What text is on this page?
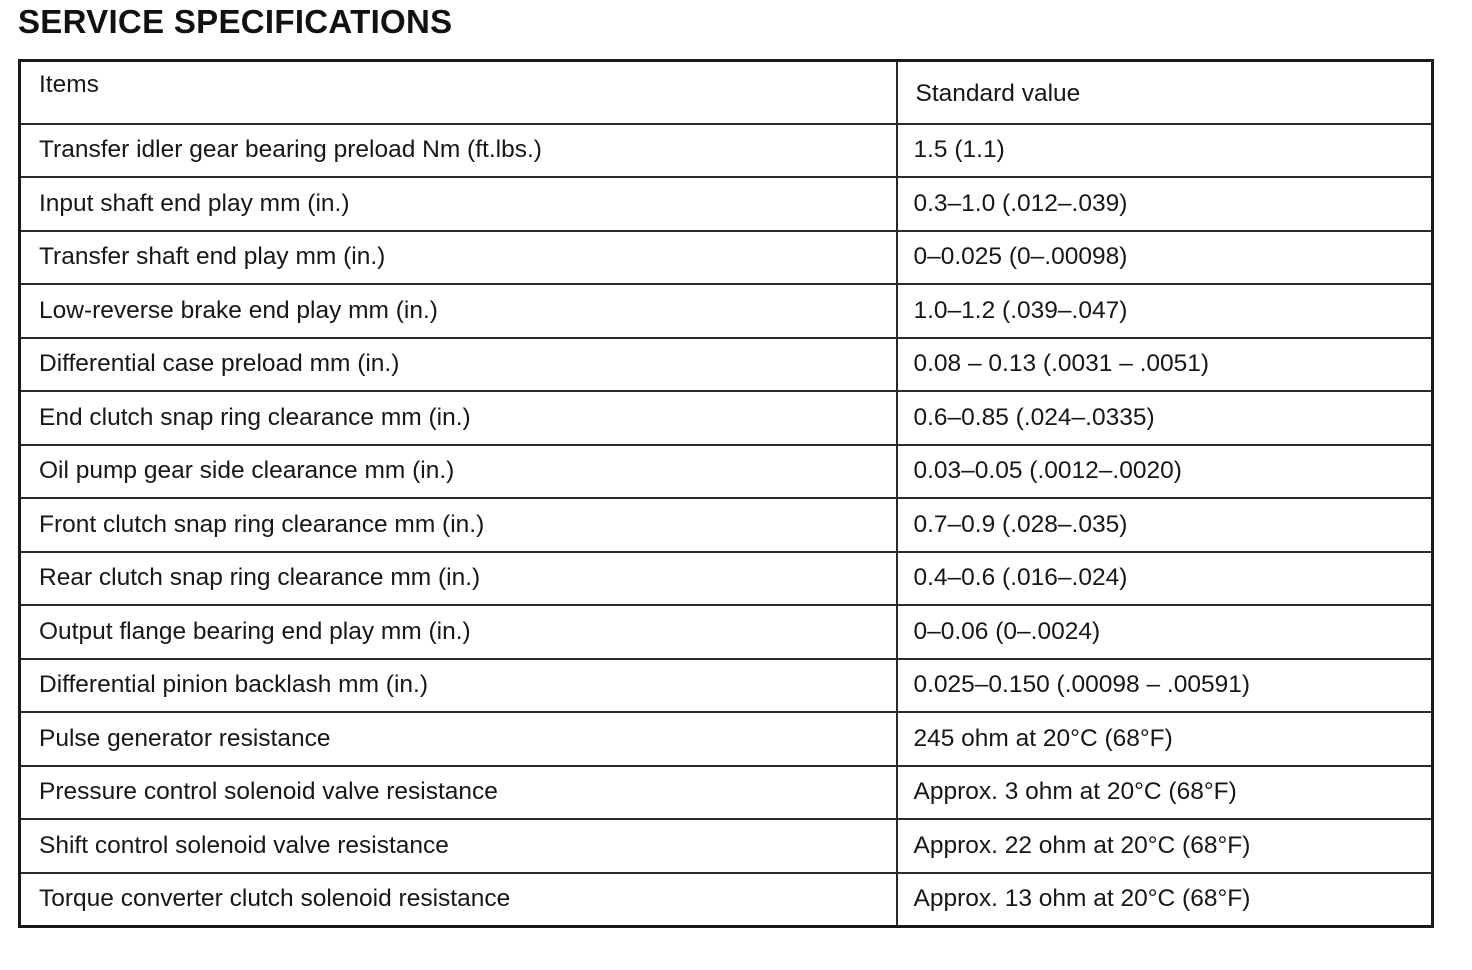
SERVICE SPECIFICATIONS
Items	Standard value
Transfer idler gear bearing preload Nm (ft.lbs.)	1.5 (1.1)
Input shaft end play mm (in.)	0.3–1.0 (.012–.039)
Transfer shaft end play mm (in.)	0–0.025 (0–.00098)
Low-reverse brake end play mm (in.)	1.0–1.2 (.039–.047)
Differential case preload mm (in.)	0.08 – 0.13 (.0031 – .0051)
End clutch snap ring clearance mm (in.)	0.6–0.85 (.024–.0335)
Oil pump gear side clearance mm (in.)	0.03–0.05 (.0012–.0020)
Front clutch snap ring clearance mm (in.)	0.7–0.9 (.028–.035)
Rear clutch snap ring clearance mm (in.)	0.4–0.6 (.016–.024)
Output flange bearing end play mm (in.)	0–0.06 (0–.0024)
Differential pinion backlash mm (in.)	0.025–0.150 (.00098 – .00591)
Pulse generator resistance	245 ohm at 20°C (68°F)
Pressure control solenoid valve resistance	Approx. 3 ohm at 20°C (68°F)
Shift control solenoid valve resistance	Approx. 22 ohm at 20°C (68°F)
Torque converter clutch solenoid resistance	Approx. 13 ohm at 20°C (68°F)
